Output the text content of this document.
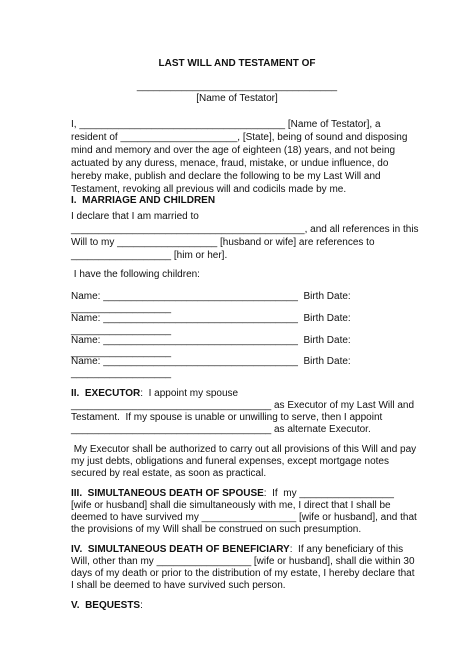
LAST WILL AND TESTAMENT OF
____________________________________
[Name of Testator]
I, _____________________________________ [Name of Testator], a
resident of _____________________, [State], being of sound and disposing
mind and memory and over the age of eighteen (18) years, and not being
actuated by any duress, menace, fraud, mistake, or undue influence, do
hereby make, publish and declare the following to be my Last Will and
Testament, revoking all previous will and codicils made by me.
I.  MARRIAGE AND CHILDREN
I declare that I am married to
__________________________________________, and all references in this
Will to my __________________ [husband or wife] are references to
__________________ [him or her].
I have the following children:
Name: ___________________________________  Birth Date:
__________________
Name: ___________________________________  Birth Date:
__________________
Name: ___________________________________  Birth Date:
__________________
Name: ___________________________________  Birth Date:
__________________
II.  EXECUTOR:  I appoint my spouse
____________________________________ as Executor of my Last Will and
Testament.  If my spouse is unable or unwilling to serve, then I appoint
____________________________________ as alternate Executor.
My Executor shall be authorized to carry out all provisions of this Will and pay
my just debts, obligations and funeral expenses, except mortgage notes
secured by real estate, as soon as practical.
III.  SIMULTANEOUS DEATH OF SPOUSE:  If  my _________________
[wife or husband] shall die simultaneously with me, I direct that I shall be
deemed to have survived my _________________ [wife or husband], and that
the provisions of my Will shall be construed on such presumption.
IV.  SIMULTANEOUS DEATH OF BENEFICIARY:  If any beneficiary of this
Will, other than my _________________ [wife or husband], shall die within 30
days of my death or prior to the distribution of my estate, I hereby declare that
I shall be deemed to have survived such person.
V.  BEQUESTS:
